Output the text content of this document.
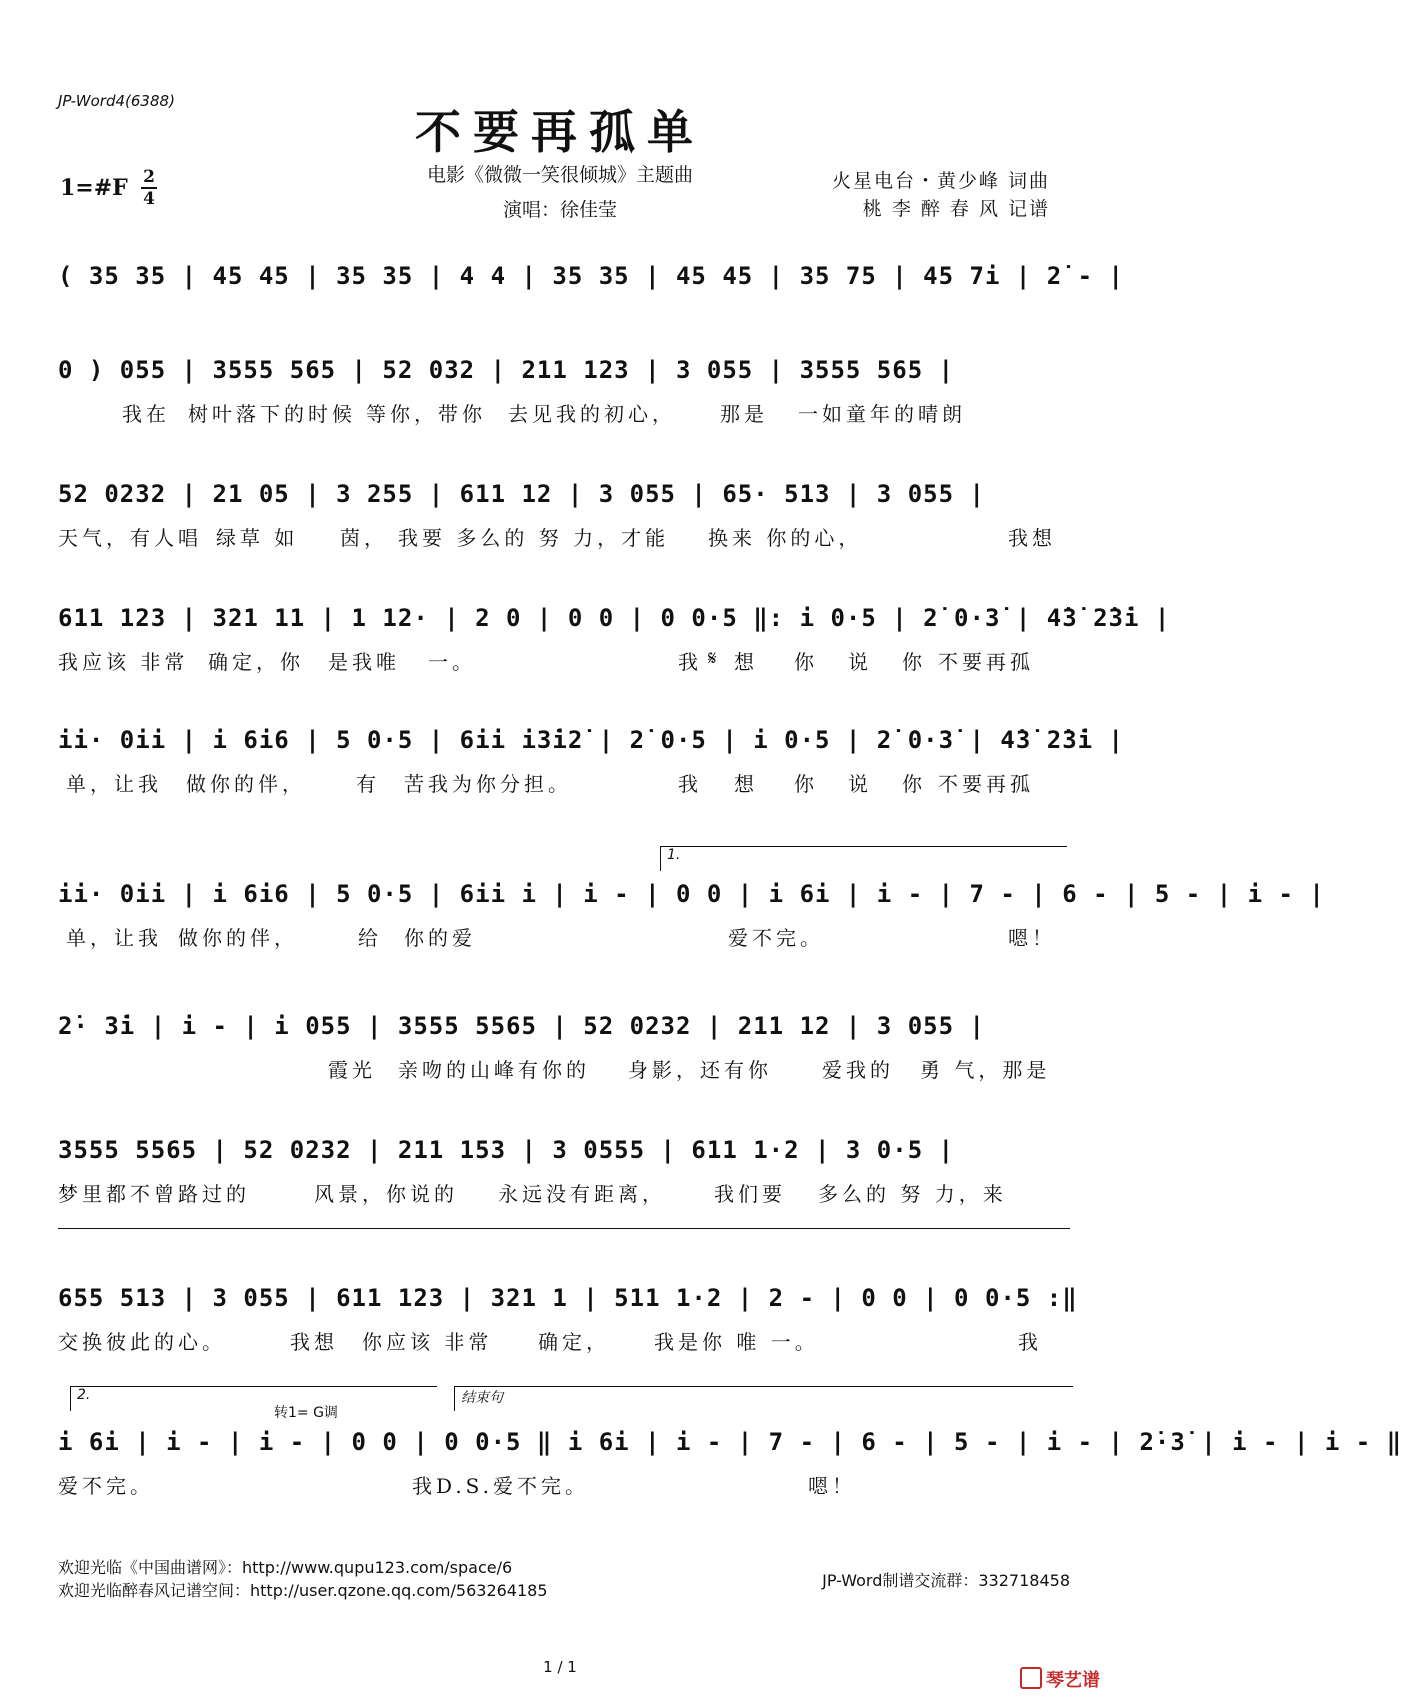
JP-Word4(6388)
不要再孤单
1=#F 2
4
电影《微微一笑很倾城》主题曲
演唱：徐佳莹
火星电台・黄少峰 词曲
桃 李 醉 春 风 记谱
( 35 35 | 45 45 | 35 35 | 4 4 | 35 35 | 45 45 | 35 75 | 45 7i | 2̇ - |
0 ) 055 | 3555 565 | 52 032 | 211 123 | 3 055 | 3555 565 |
我在 树叶落下的时候 等你，带你	去见我的初心，	那是	一如童年的晴朗
52 0232 | 21 05 | 3 255 | 611 12 | 3 055 | 65· 513 | 3 055 |
天气，有人唱 绿草 如	茵， 我要 多么的 努 力，才能	换来 你的心，	我想
611 123 | 321 11 | 1 12· | 2 0 | 0 0 | 0 0·5 ‖: i 0·5 | 2̇ 0·3̇ | 4̇3̇ 2̇3̇i |
我应该 非常 确定，你	是我唯	一。	我 𝄋 想	你	说	你 不要再孤
ii· 0ii | i 6i6 | 5 0·5 | 6ii i3̇i2̇ | 2̇ 0·5 | i 0·5 | 2̇ 0·3̇ | 4̇3̇ 2̇3̇i |
单，让我 做你的伴，	有	苦我为你分担。	我	想	你	说	你 不要再孤
1.
ii· 0ii | i 6i6 | 5 0·5 | 6ii i | i - | 0 0 | i 6i | i - | 7 - | 6 - | 5 - | i - |
单，让我 做你的伴，	给	你的爱	爱不完。	嗯！
2̇· 3̇i | i - | i 055 | 3555 5565 | 52 0232 | 211 12 | 3 055 |
霞光	亲吻的山峰有你的	身影，还有你	爱我的	勇 气，那是
3555 5565 | 52 0232 | 211 153 | 3 0555 | 611 1·2 | 3 0·5 |
梦里都不曾路过的	风景，你说的	永远没有距离，	我们要	多么的 努 力，来
655 513 | 3 055 | 611 123 | 321 1 | 511 1·2 | 2 - | 0 0 | 0 0·5 :‖
交换彼此的心。	我想	你应该 非常	确定，	我是你 唯 一。	我
2.	结束句
转1= G调
i 6i | i - | i - | 0 0 | 0 0·5 ‖ i 6i | i - | 7 - | 6 - | 5 - | i - | 2̇·3̇ | i - | i - ‖
爱不完。	我D.S.爱不完。	嗯！
欢迎光临《中国曲谱网》：http://www.qupu123.com/space/6
欢迎光临醉春风记谱空间：http://user.qzone.qq.com/563264185
JP-Word制谱交流群：332718458
1 / 1
琴艺谱
